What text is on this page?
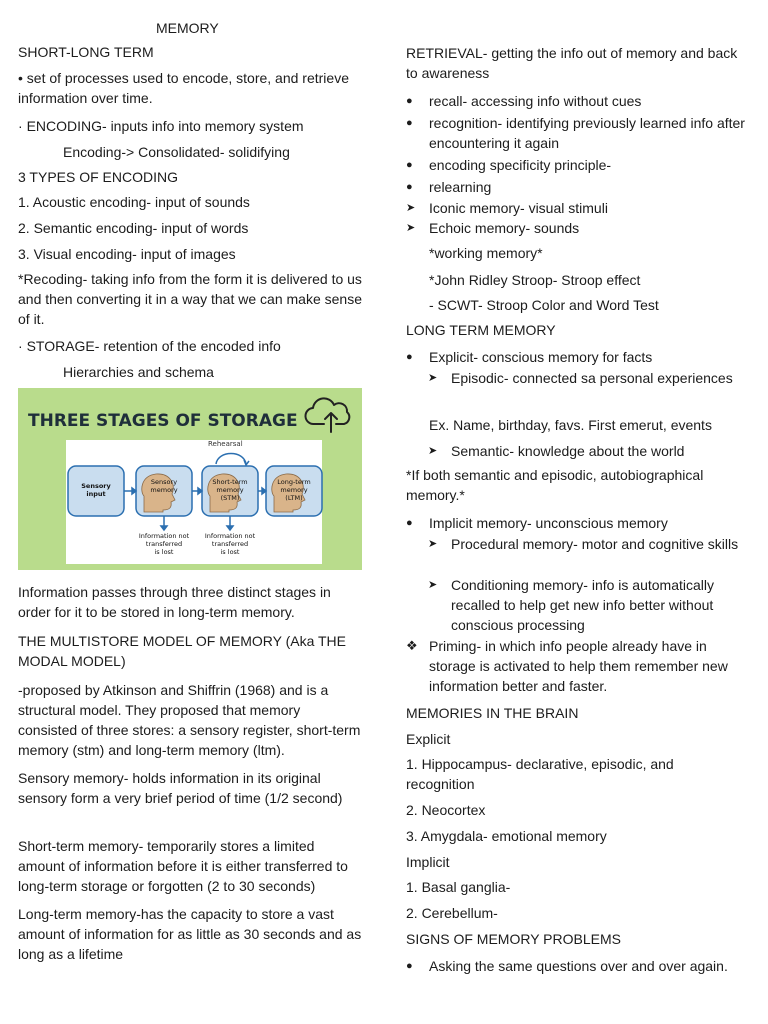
MEMORY

SHORT-LONG TERM

• set of processes used to encode, store, and retrieve information over time.

· ENCODING- inputs info into memory system

Encoding-> Consolidated- solidifying

3 TYPES OF ENCODING

1. Acoustic encoding- input of sounds

2. Semantic encoding- input of words

3. Visual encoding- input of images

*Recoding- taking info from the form it is delivered to us and then converting it in a way that we can make sense of it.

· STORAGE- retention of the encoded info

Hierarchies and schema

THREE STAGES OF STORAGE
Rehearsal
Sensory
input
Sensory
memory
Short-term
memory
(STM)
Long-term
memory
(LTM)
Information not
transferred
is lost
Information not
transferred
is lost

Information passes through three distinct stages in order for it to be stored in long-term memory.

THE MULTISTORE MODEL OF MEMORY (Aka THE MODAL MODEL)

-proposed by Atkinson and Shiffrin (1968) and is a structural model. They proposed that memory consisted of three stores: a sensory register, short-term memory (stm) and long-term memory (ltm).

Sensory memory- holds information in its original sensory form a very brief period of time (1/2 second)

Short-term memory- temporarily stores a limited amount of information before it is either transferred to long-term storage or forgotten (2 to 30 seconds)

Long-term memory-has the capacity to store a vast amount of information for as little as 30 seconds and as long as a lifetime

RETRIEVAL- getting the info out of memory and back to awareness

●	recall- accessing info without cues

●	recognition- identifying previously learned info after encountering it again

●	encoding specificity principle-

●	relearning

➤ Iconic memory- visual stimuli

➤ Echoic memory- sounds

*working memory*

*John Ridley Stroop- Stroop effect

- SCWT- Stroop Color and Word Test

LONG TERM MEMORY

●	Explicit- conscious memory for facts

➤ Episodic- connected sa personal experiences

Ex. Name, birthday, favs. First emerut, events

➤ Semantic- knowledge about the world

*If both semantic and episodic, autobiographical memory.*

●	Implicit memory- unconscious memory

➤ Procedural memory- motor and cognitive skills

➤ Conditioning memory- info is automatically recalled to help get new info better without conscious processing

❖ Priming- in which info people already have in storage is activated to help them remember new information better and faster.

MEMORIES IN THE BRAIN

Explicit

1. Hippocampus- declarative, episodic, and recognition

2. Neocortex

3. Amygdala- emotional memory

Implicit

1. Basal ganglia-

2. Cerebellum-

SIGNS OF MEMORY PROBLEMS

●	Asking the same questions over and over again.
